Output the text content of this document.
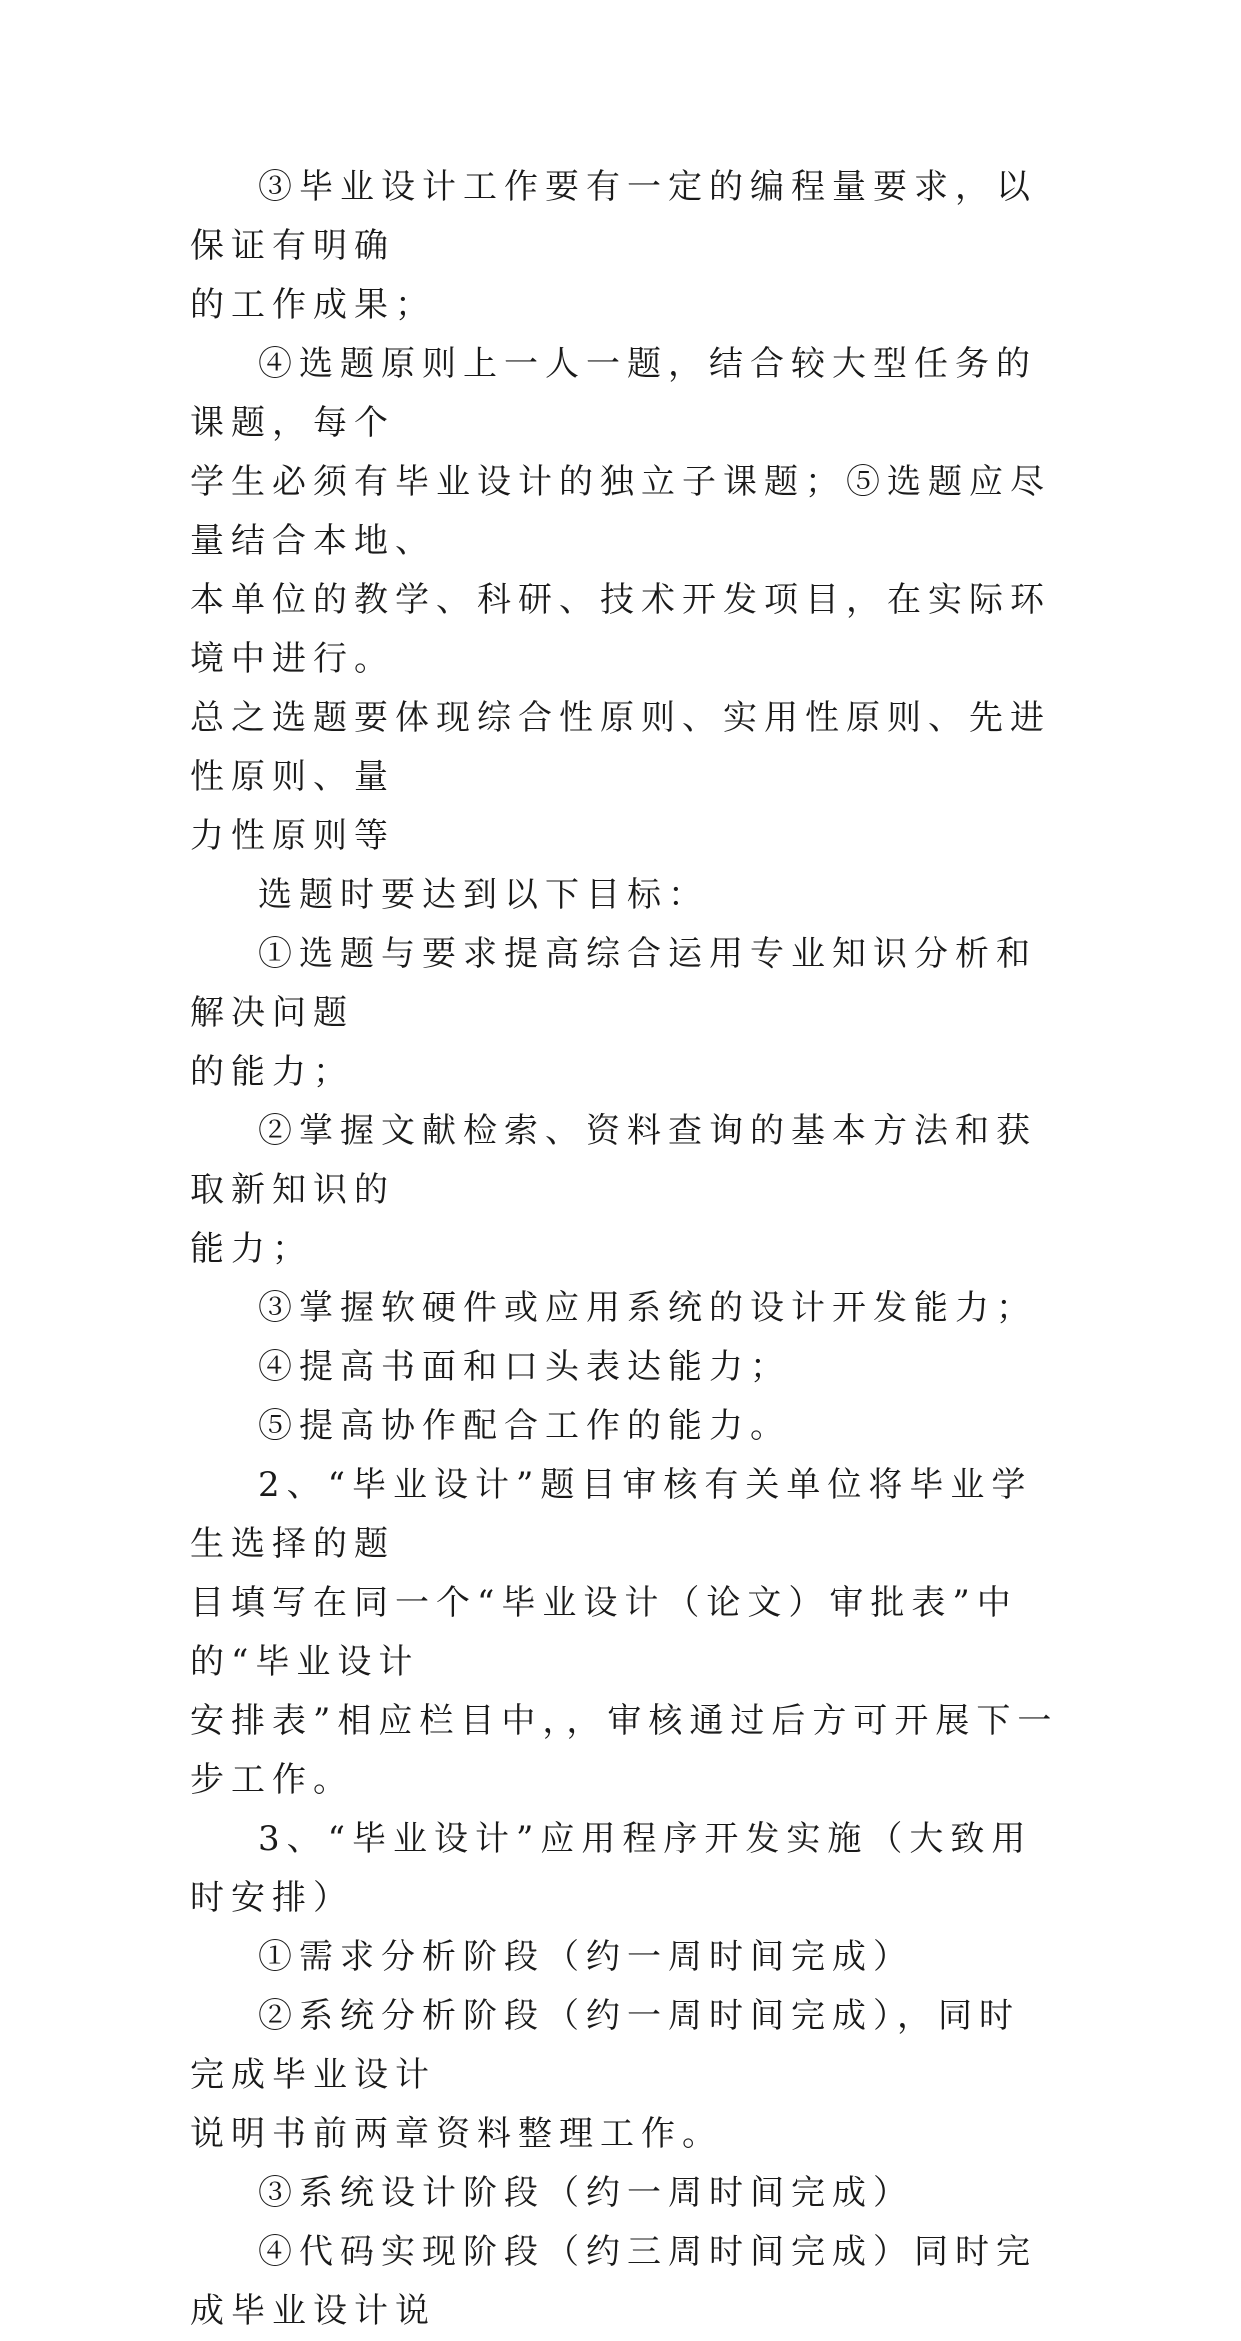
③毕业设计工作要有一定的编程量要求，以保证有明确
的工作成果；

④选题原则上一人一题，结合较大型任务的课题，每个
学生必须有毕业设计的独立子课题；⑤选题应尽量结合本地、
本单位的教学、科研、技术开发项目，在实际环境中进行。
总之选题要体现综合性原则、实用性原则、先进性原则、量
力性原则等

选题时要达到以下目标：

①选题与要求提高综合运用专业知识分析和解决问题
的能力；

②掌握文献检索、资料查询的基本方法和获取新知识的
能力；

③掌握软硬件或应用系统的设计开发能力；

④提高书面和口头表达能力；

⑤提高协作配合工作的能力。

2、“毕业设计”题目审核有关单位将毕业学生选择的题
目填写在同一个“毕业设计（论文）审批表”中的“毕业设计
安排表”相应栏目中，，审核通过后方可开展下一步工作。

3、“毕业设计”应用程序开发实施（大致用时安排）

①需求分析阶段（约一周时间完成）

②系统分析阶段（约一周时间完成），同时完成毕业设计
说明书前两章资料整理工作。

③系统设计阶段（约一周时间完成）

④代码实现阶段（约三周时间完成）同时完成毕业设计说
